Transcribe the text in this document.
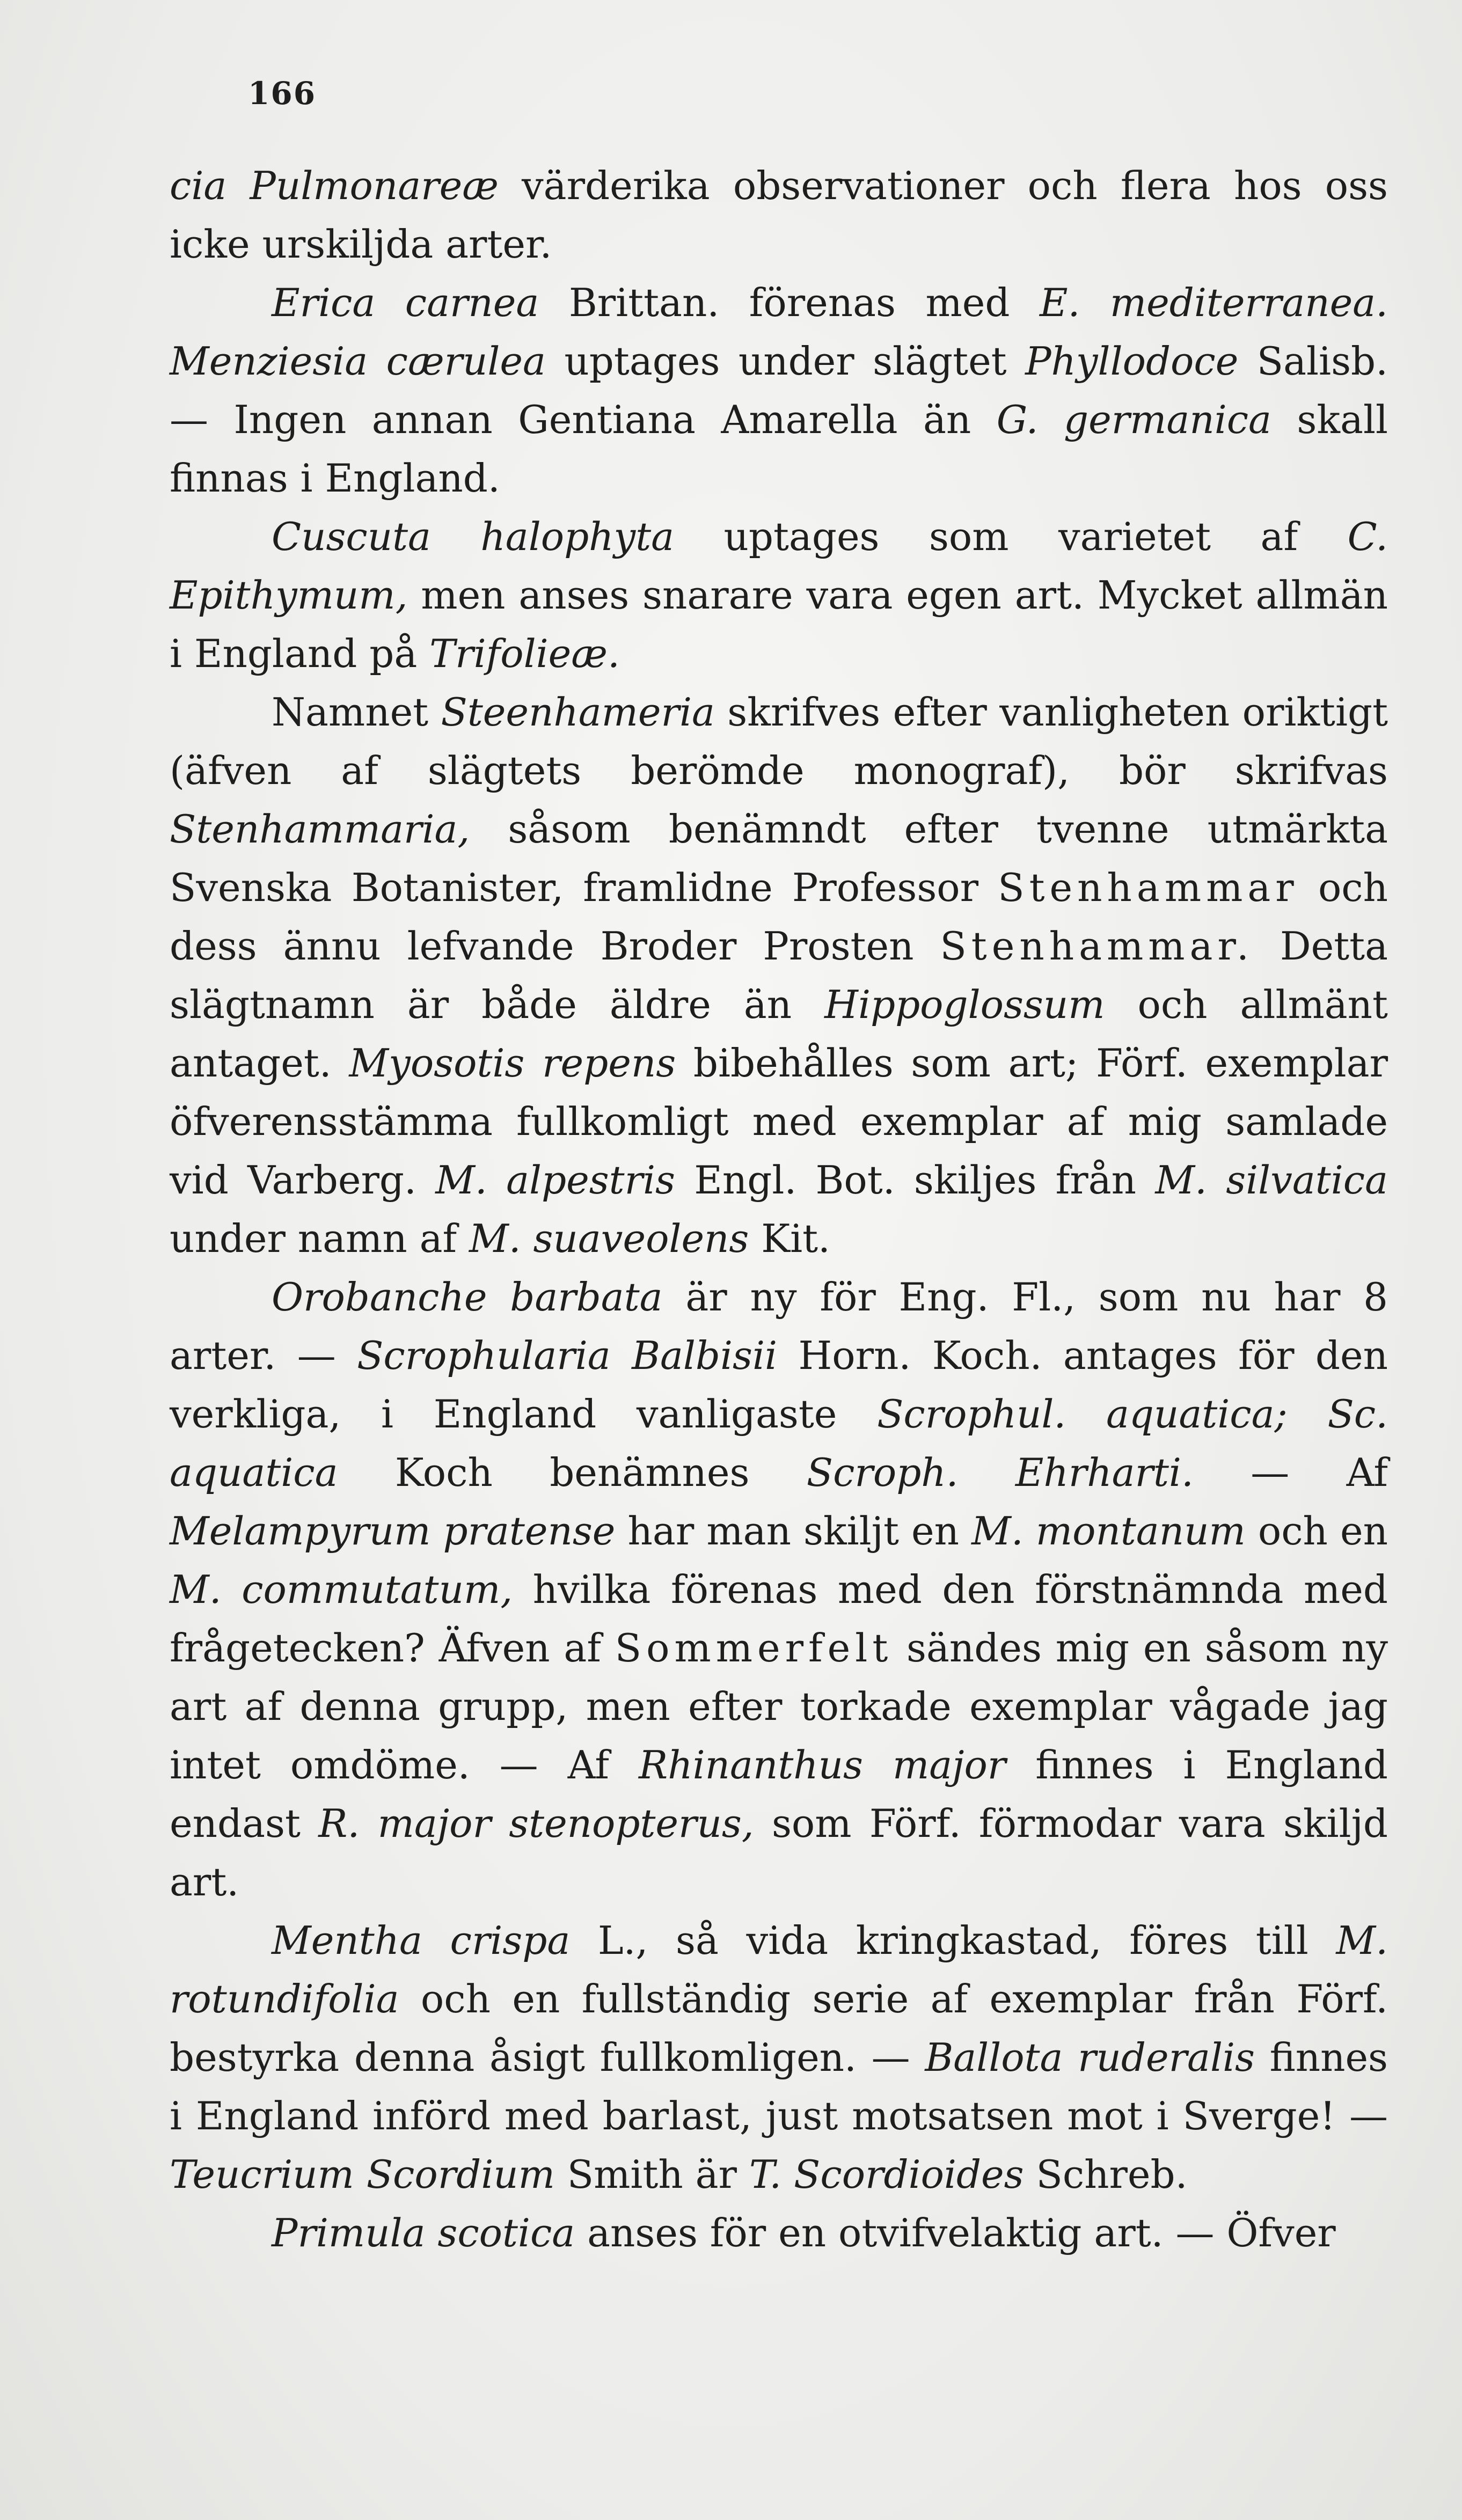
166

cia Pulmonareæ värderika observationer och flera hos oss icke urskiljda arter.

Erica carnea Brittan. förenas med E. mediterranea. Menziesia cærulea uptages under slägtet Phyllodoce Salisb. — Ingen annan Gentiana Amarella än G. germanica skall finnas i England.

Cuscuta halophyta uptages som varietet af C. Epithymum, men anses snarare vara egen art. Mycket allmän i England på Trifolieæ.

Namnet Steenhameria skrifves efter vanligheten oriktigt (äfven af slägtets berömde monograf), bör skrifvas Stenhammaria, såsom benämndt efter tvenne utmärkta Svenska Botanister, framlidne Professor Stenhammar och dess ännu lefvande Broder Prosten Stenhammar. Detta slägtnamn är både äldre än Hippoglossum och allmänt antaget. Myosotis repens bibehålles som art; Förf. exemplar öfverensstämma fullkomligt med exemplar af mig samlade vid Varberg. M. alpestris Engl. Bot. skiljes från M. silvatica under namn af M. suaveolens Kit.

Orobanche barbata är ny för Eng. Fl., som nu har 8 arter. — Scrophularia Balbisii Horn. Koch. antages för den verkliga, i England vanligaste Scrophul. aquatica; Sc. aquatica Koch benämnes Scroph. Ehrharti. — Af Melampyrum pratense har man skiljt en M. montanum och en M. commutatum, hvilka förenas med den förstnämnda med frågetecken? Äfven af Sommerfelt sändes mig en såsom ny art af denna grupp, men efter torkade exemplar vågade jag intet omdöme. — Af Rhinanthus major finnes i England endast R. major stenopterus, som Förf. förmodar vara skiljd art.

Mentha crispa L., så vida kringkastad, föres till M. rotundifolia och en fullständig serie af exemplar från Förf. bestyrka denna åsigt fullkomligen. — Ballota ruderalis finnes i England införd med barlast, just motsatsen mot i Sverge! — Teucrium Scordium Smith är T. Scordioides Schreb.

Primula scotica anses för en otvifvelaktig art. — Öfver
